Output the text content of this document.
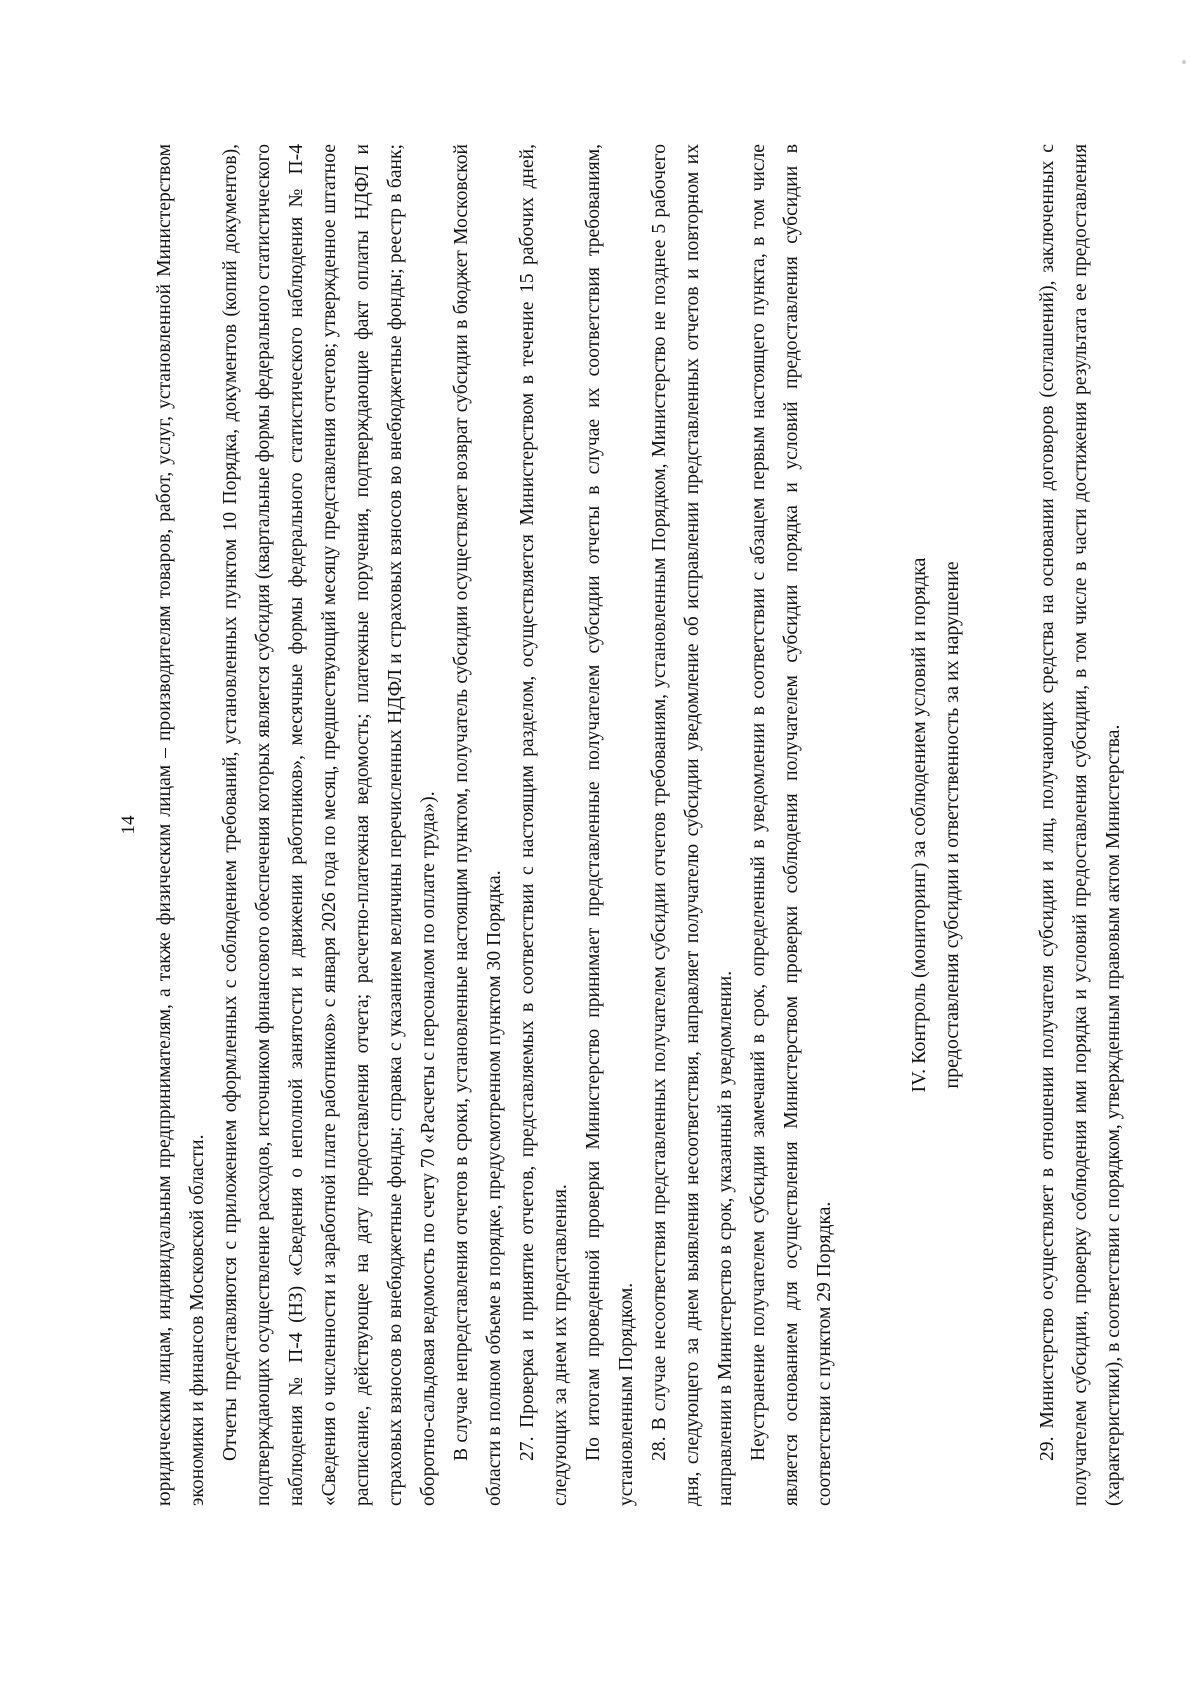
14 юридическим лицам, индивидуальным предпринимателям, а также физическим лицам – производителям товаров, работ, услуг, установленной Министерством экономики и финансов Московской области. Отчеты представляются с приложением оформленных с соблюдением требований, установленных пунктом 10 Порядка, документов (копий документов), подтверждающих осуществление расходов, источником финансового обеспечения которых является субсидия (квартальные формы федерального статистического наблюдения № П-4 (НЗ) «Сведения о неполной занятости и движении работников», месячные формы федерального статистического наблюдения № П-4 «Сведения о численности и заработной плате работников» с января 2026 года по месяц, предшествующий месяцу представления отчетов; утвержденное штатное расписание, действующее на дату предоставления отчета; расчетно-платежная ведомость; платежные поручения, подтверждающие факт оплаты НДФЛ и страховых взносов во внебюджетные фонды; справка с указанием величины перечисленных НДФЛ и страховых взносов во внебюджетные фонды; реестр в банк; оборотно-сальдовая ведомость по счету 70 «Расчеты с персоналом по оплате труда»). В случае непредставления отчетов в сроки, установленные настоящим пунктом, получатель субсидии осуществляет возврат субсидии в бюджет Московской области в полном объеме в порядке, предусмотренном пунктом 30 Порядка. 27. Проверка и принятие отчетов, представляемых в соответствии с настоящим разделом, осуществляется Министерством в течение 15 рабочих дней, следующих за днем их представления. По итогам проведенной проверки Министерство принимает представленные получателем субсидии отчеты в случае их соответствия требованиям, установленным Порядком. 28. В случае несоответствия представленных получателем субсидии отчетов требованиям, установленным Порядком, Министерство не позднее 5 рабочего дня, следующего за днем выявления несоответствия, направляет получателю субсидии уведомление об исправлении представленных отчетов и повторном их направлении в Министерство в срок, указанный в уведомлении. Неустранение получателем субсидии замечаний в срок, определенный в уведомлении в соответствии с абзацем первым настоящего пункта, в том числе является основанием для осуществления Министерством проверки соблюдения получателем субсидии порядка и условий предоставления субсидии в соответствии с пунктом 29 Порядка.

IV. Контроль (мониторинг) за соблюдением условий и порядка предоставления субсидии и ответственность за их нарушение	29. Министерство осуществляет в отношении получателя субсидии и лиц, получающих средства на основании договоров (соглашений), заключенных с получателем субсидии, проверку соблюдения ими порядка и условий предоставления субсидии, в том числе в части достижения результата ее предоставления (характеристики), в соответствии с порядком, утвержденным правовым актом Министерства.
